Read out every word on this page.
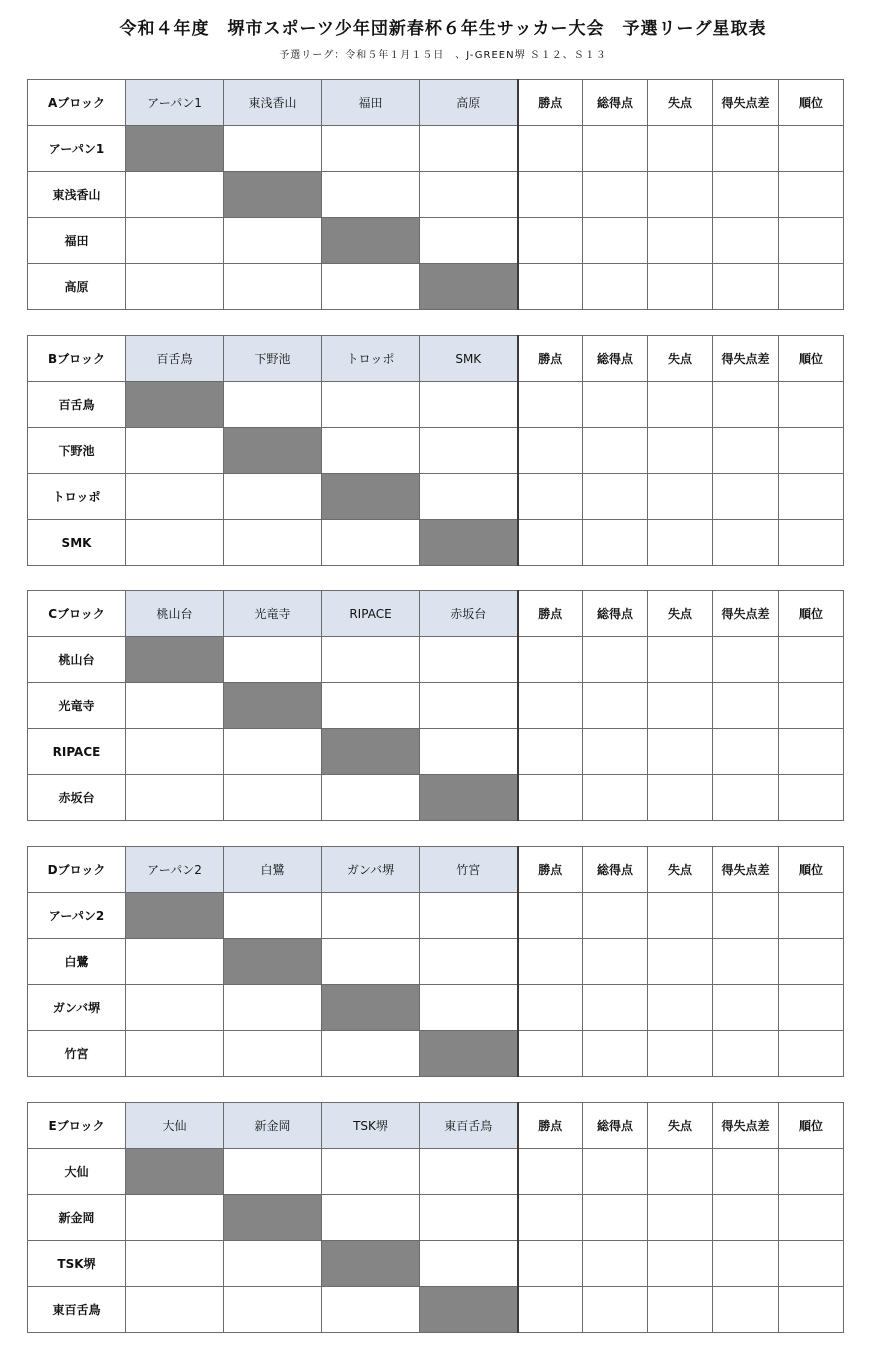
令和４年度　堺市スポーツ少年団新春杯６年生サッカー大会　予選リーグ星取表
予選リーグ：令和５年１月１５日　、J-GREEN堺 Ｓ１２、Ｓ１３
Aブロック	アーパン1	東浅香山	福田	高原	勝点	総得点	失点	得失点差	順位
アーパン1									
東浅香山									
福田									
高原									
Bブロック	百舌鳥	下野池	トロッポ	SMK	勝点	総得点	失点	得失点差	順位
百舌鳥									
下野池									
トロッポ									
SMK									
Cブロック	桃山台	光竜寺	RIPACE	赤坂台	勝点	総得点	失点	得失点差	順位
桃山台									
光竜寺									
RIPACE									
赤坂台									
Dブロック	アーパン2	白鷺	ガンバ堺	竹宮	勝点	総得点	失点	得失点差	順位
アーパン2									
白鷺									
ガンバ堺									
竹宮									
Eブロック	大仙	新金岡	TSK堺	東百舌鳥	勝点	総得点	失点	得失点差	順位
大仙									
新金岡									
TSK堺									
東百舌鳥									
